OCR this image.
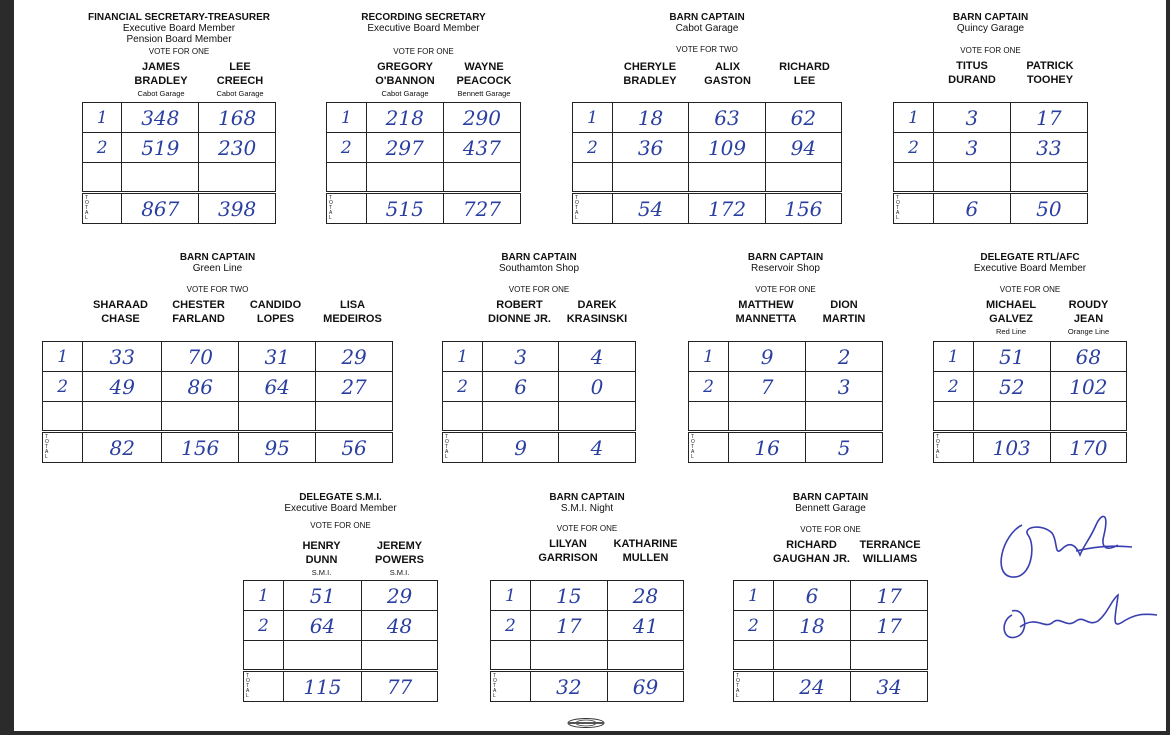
FINANCIAL SECRETARY-TREASURER
Executive Board Member
Pension Board Member
VOTE FOR ONE
JAMES
BRADLEY
Cabot Garage
LEE
CREECH
Cabot Garage
1	348	168
2	519	230

TOTAL	867	398
RECORDING SECRETARY
Executive Board Member
VOTE FOR ONE
GREGORY
O'BANNON
Cabot Garage
WAYNE
PEACOCK
Bennett Garage
1	218	290
2	297	437

TOTAL	515	727
BARN CAPTAIN
Cabot Garage
VOTE FOR TWO
CHERYLE
BRADLEY
ALIX
GASTON
RICHARD
LEE
1	18	63	62
2	36	109	94

TOTAL	54	172	156
BARN CAPTAIN
Quincy Garage
VOTE FOR ONE
TITUS
DURAND
PATRICK
TOOHEY
1	3	17
2	3	33

TOTAL	6	50
BARN CAPTAIN
Green Line
VOTE FOR TWO
SHARAAD
CHASE
CHESTER
FARLAND
CANDIDO
LOPES
LISA
MEDEIROS
1	33	70	31	29
2	49	86	64	27

TOTAL	82	156	95	56
BARN CAPTAIN
Southamton Shop
VOTE FOR ONE
ROBERT
DIONNE JR.
DAREK
KRASINSKI
1	3	4
2	6	0

TOTAL	9	4
BARN CAPTAIN
Reservoir Shop
VOTE FOR ONE
MATTHEW
MANNETTA
DION
MARTIN
1	9	2
2	7	3

TOTAL	16	5
DELEGATE RTL/AFC
Executive Board Member
VOTE FOR ONE
MICHAEL
GALVEZ
Red Line
ROUDY
JEAN
Orange Line
1	51	68
2	52	102

TOTAL	103	170
DELEGATE S.M.I.
Executive Board Member
VOTE FOR ONE
HENRY
DUNN
S.M.I.
JEREMY
POWERS
S.M.I.
1	51	29
2	64	48

TOTAL	115	77
BARN CAPTAIN
S.M.I. Night
VOTE FOR ONE
LILYAN
GARRISON
KATHARINE
MULLEN
1	15	28
2	17	41

TOTAL	32	69
BARN CAPTAIN
Bennett Garage
VOTE FOR ONE
RICHARD
GAUGHAN JR.
TERRANCE
WILLIAMS
1	6	17
2	18	17

TOTAL	24	34
